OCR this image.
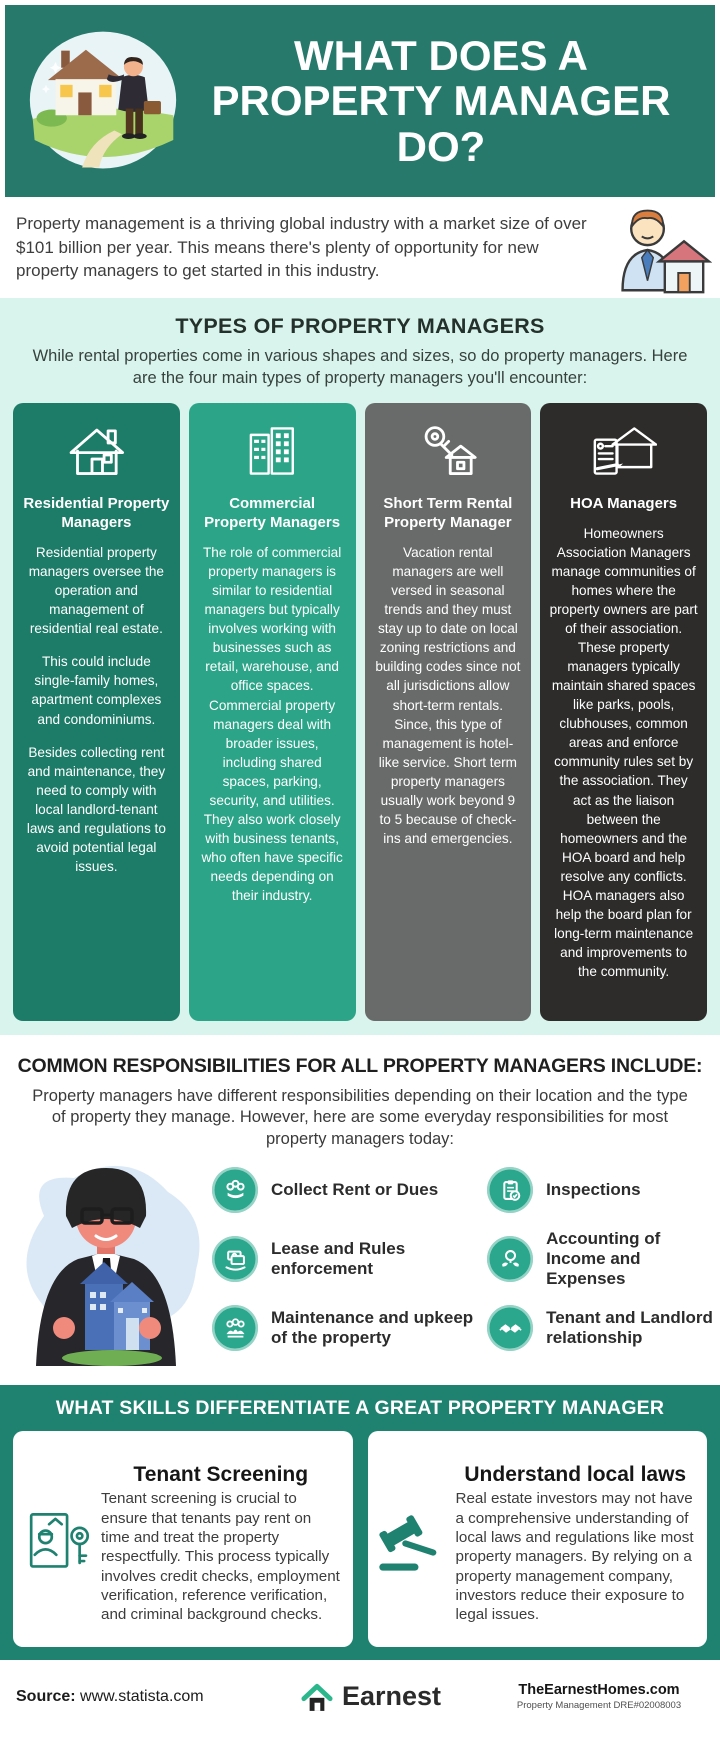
WHAT DOES A PROPERTY MANAGER DO?

Property management is a thriving global industry with a market size of over $101 billion per year. This means there's plenty of opportunity for new property managers to get started in this industry.

TYPES OF PROPERTY MANAGERS

While rental properties come in various shapes and sizes, so do property managers. Here are the four main types of property managers you'll encounter:

Residential Property Managers

Residential property managers oversee the operation and management of residential real estate.

This could include single-family homes, apartment complexes and condominiums.

Besides collecting rent and maintenance, they need to comply with local landlord-tenant laws and regulations to avoid potential legal issues.

Commercial Property Managers

The role of commercial property managers is similar to residential managers but typically involves working with businesses such as retail, warehouse, and office spaces. Commercial property managers deal with broader issues, including shared spaces, parking, security, and utilities. They also work closely with business tenants, who often have specific needs depending on their industry.

Short Term Rental Property Manager

Vacation rental managers are well versed in seasonal trends and they must stay up to date on local zoning restrictions and building codes since not all jurisdictions allow short-term rentals. Since, this type of management is hotel-like service. Short term property managers usually work beyond 9 to 5 because of check-ins and emergencies.

HOA Managers

Homeowners Association Managers manage communities of homes where the property owners are part of their association. These property managers typically maintain shared spaces like parks, pools, clubhouses, common areas and enforce community rules set by the association. They act as the liaison between the homeowners and the HOA board and help resolve any conflicts. HOA managers also help the board plan for long-term maintenance and improvements to the community.

COMMON RESPONSIBILITIES FOR ALL PROPERTY MANAGERS INCLUDE:

Property managers have different responsibilities depending on their location and the type of property they manage. However, here are some everyday responsibilities for most property managers today:

Collect Rent or Dues	Inspections
Lease and Rules enforcement
Accounting of Income and Expenses
Maintenance and upkeep of the property
Tenant and Landlord relationship
WHAT SKILLS DIFFERENTIATE A GREAT PROPERTY MANAGER
Tenant Screening

Tenant screening is crucial to ensure that tenants pay rent on time and treat the property respectfully. This process typically involves credit checks, employment verification, reference verification, and criminal background checks.

Understand local laws

Real estate investors may not have a comprehensive understanding of local laws and regulations like most property managers. By relying on a property management company, investors reduce their exposure to legal issues.

Source: www.statista.com	Earnest	TheEarnestHomes.com
Property Management DRE#02008003
